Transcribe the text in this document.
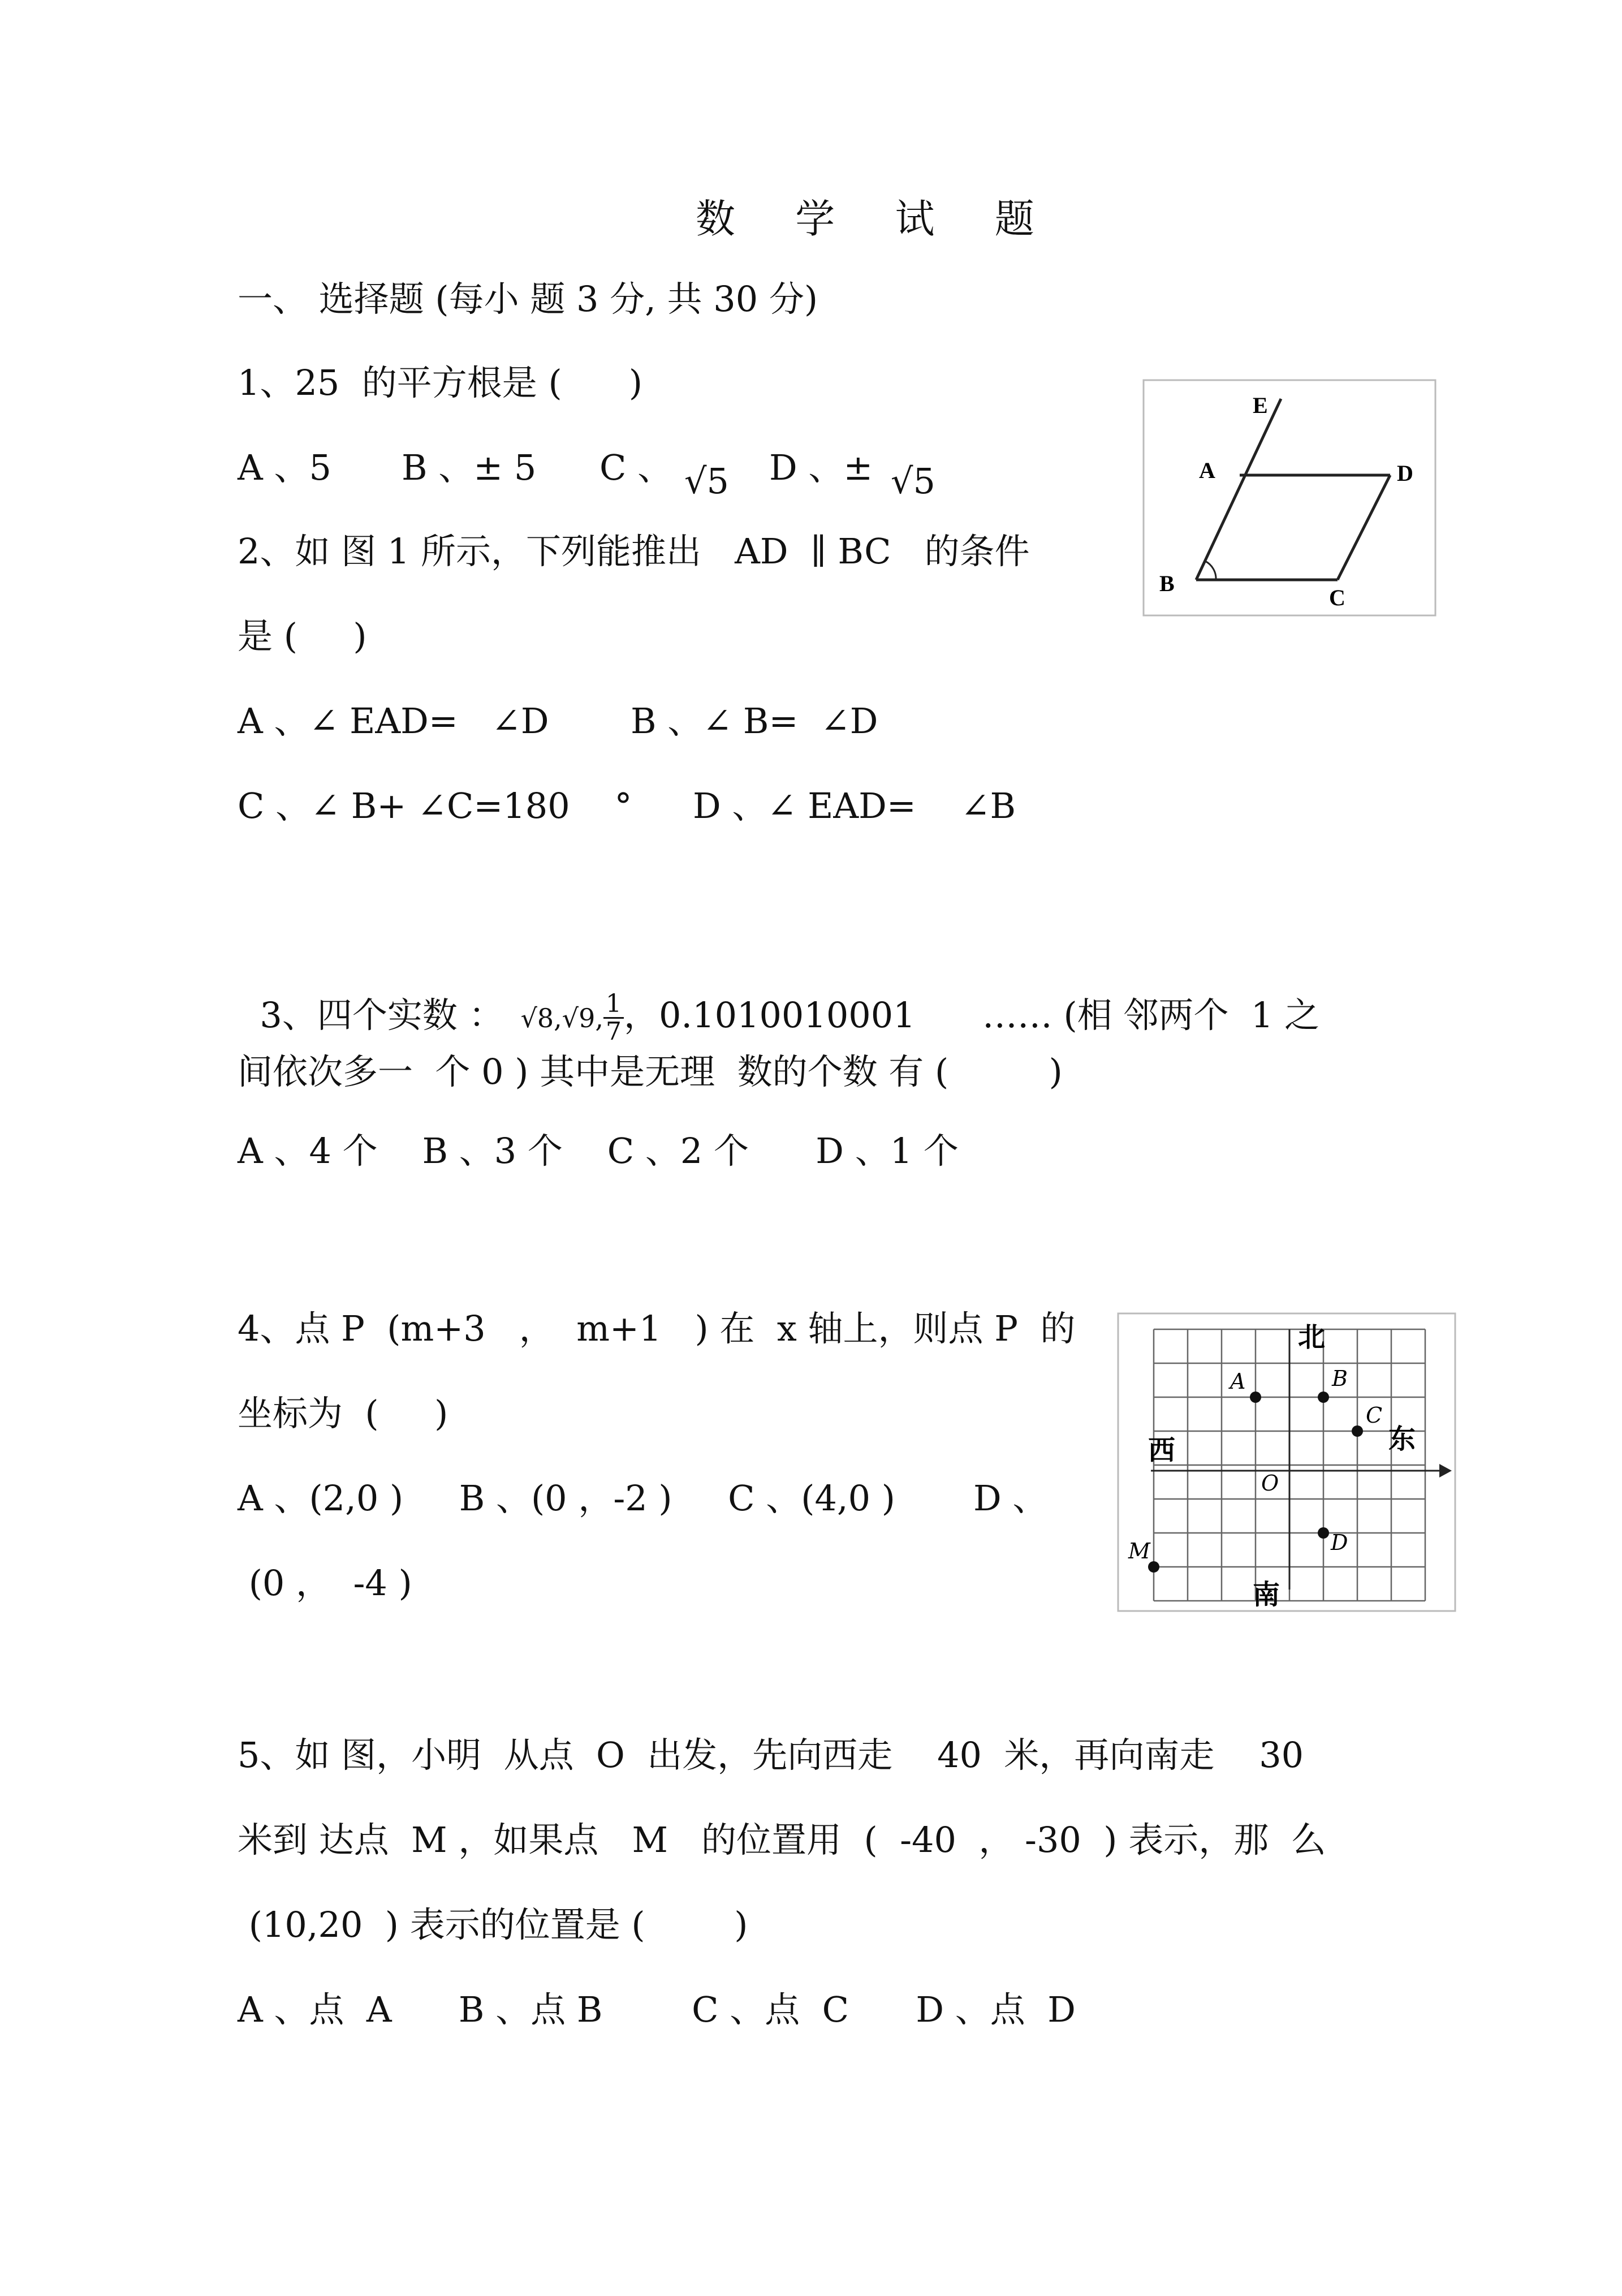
数 学 试 题
一、 选择题 (每小 题 3 分, 共 30 分)
1、25  的平方根是 (      )
A 、5 B 、± 5 C 、 √5 D 、± √5
E
A	D
B
C
2、如 图 1 所示，下列能推出   AD  ∥ BC   的条件
是 (     )
A 、∠ EAD=   ∠D B 、∠ B=  ∠D
C 、∠ B+ ∠C=180    ° D 、∠ EAD=    ∠B

3、四个实数 ： √8,√9, $\frac{1}{7}$ ，0.1010010001      …… (相 邻两个  1 之

间依次多一  个 0 ) 其中是无理  数的个数 有 (         )
A 、4 个    B 、3 个    C 、2 个      D 、1 个
北
东
西
南
O
A	B
C
D
M
4、点 P  (m+3   ，  m+1   ) 在  x 轴上，则点 P  的
坐标为  (     )
A 、(2,0 )     B 、(0 ，-2 )     C 、(4,0 )       D 、
(0 ，  -4 )
5、如 图，小明  从点  O  出发，先向西走    40  米，再向南走    30
米到 达点  M ，如果点   M   的位置用  (  -40  ， -30  ) 表示，那  么
(10,20  ) 表示的位置是 (        )
A 、点  A      B 、点 B        C 、点  C      D 、点  D
